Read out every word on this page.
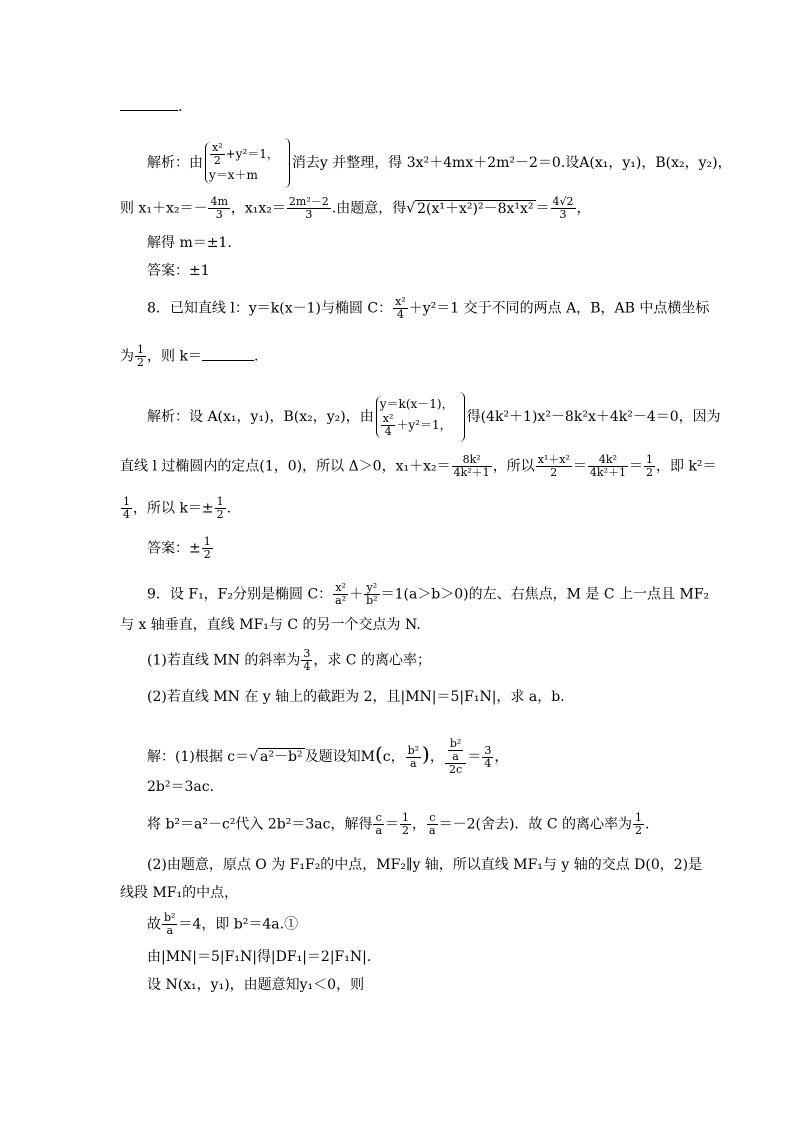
.
解析：由 $\frac{\text{x²}}{2} +y^2=1$，
y＝x＋m消去y 并整理，得 3x²＋4mx＋2m²－2＝0.设A(x₁，y₁)，B(x₂，y₂)，
则 $x_1+x_2=- \frac{4m}{3}$ ，$x_1x_2= \frac{\text{2m²－2}}{3}$ .由题意，得√ $2(x^1+x^2)^2-8x^1x^2 = \frac{4√2}{3}$ ，
解得 m＝±1.
答案：±1
8．已知直线 l：y＝k(x－1)与椭圆 C： $\frac{\text{x²}}{4} +y^2=1$ 交于不同的两点 A，B，AB 中点横坐标
为 $\frac{1}{2}$ ，则 k＝	.
解析：设 A(x₁，y₁)，B(x₂，y₂)，由y＝k(x－1)，

$\frac{\text{x²}}{4} +y^2=1$， 得(4k²＋1)x²－8k²x＋4k²－4＝0，因为
直线 l 过椭圆内的定点(1，0)，所以 Δ＞0，$x_1+x_2= \frac{\text{8k²}}{\text{4k²＋1}}$ ，所以 $\frac{\text{x¹＋x²}}{2} = \frac{\text{4k²}}{\text{4k²＋1}} = \frac{1}{2}$ ，即 k²＝
$\frac{1}{4}$ ，所以 $k=\pm \frac{1}{2}$ .
答案：± $\frac{1}{2}$
9．设 F₁，F₂分别是椭圆 C： $\frac{\text{x²}}{\text{a²}} + \frac{\text{y²}}{\text{b²}} =1(a>b>0)$的左、右焦点，M 是 C 上一点且 MF₂
与 x 轴垂直，直线 MF₁与 C 的另一个交点为 N.
(1)若直线 MN 的斜率为 $\frac{3}{4}$ ，求 C 的离心率；
(2)若直线 MN 在 y 轴上的截距为 2，且|MN|＝5|F₁N|，求 a，b.
解：(1)根据 c＝√ a²－b² 及题设知M(c， $\frac{\text{b²}}{a}$ )， $\frac{\frac{\text{b²}}{a}}{2c} = \frac{3}{4}$ ，
2b²＝3ac.
将 b²＝a²－c²代入 2b²＝3ac，解得 $\frac{c}{a} = \frac{1}{2}$ ， $\frac{c}{a} =-2$(舍去)．故 C 的离心率为 $\frac{1}{2}$ .
(2)由题意，原点 O 为 F₁F₂的中点，MF₂∥y 轴，所以直线 MF₁与 y 轴的交点 D(0，2)是
线段 MF₁的中点，
故 $\frac{\text{b²}}{a} =4$，即 b²＝4a.①
由|MN|＝5|F₁N|得|DF₁|＝2|F₁N|.
设 N(x₁，y₁)，由题意知y₁＜0，则
